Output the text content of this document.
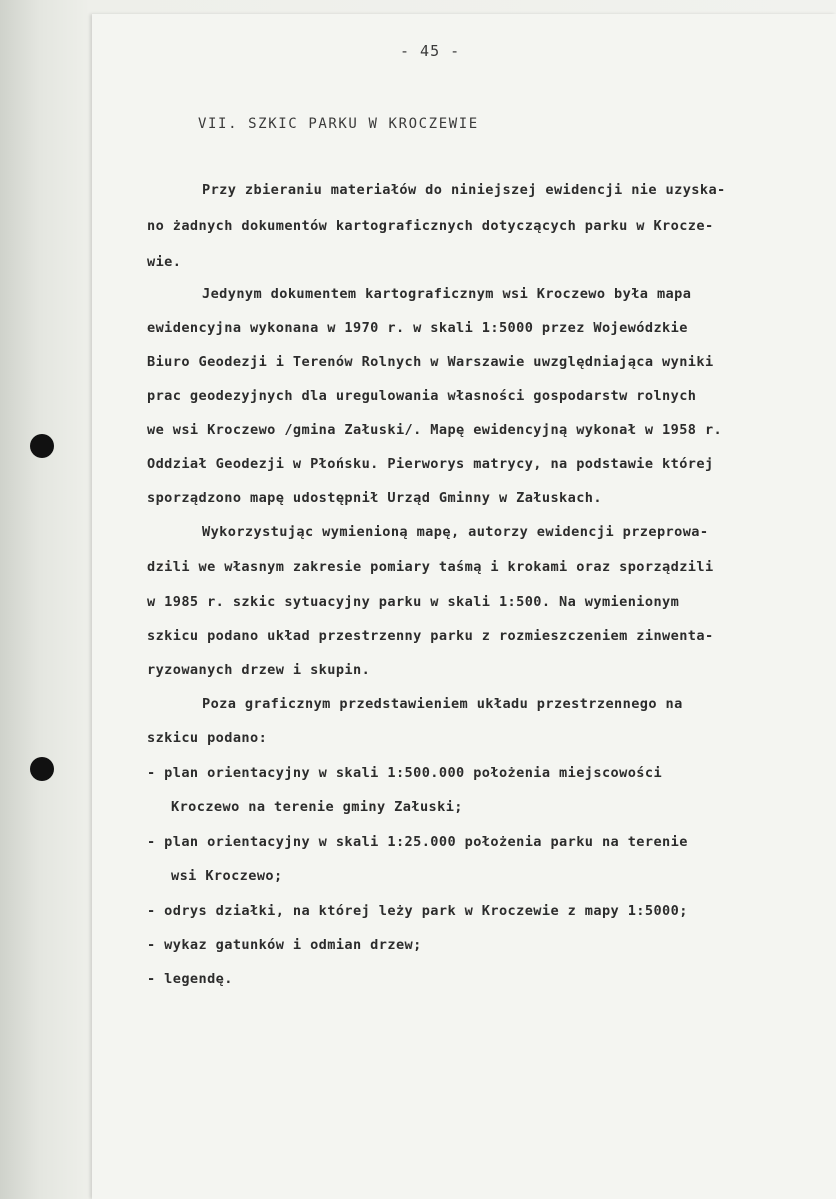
- 45 -
VII. SZKIC PARKU W KROCZEWIE
Przy zbieraniu materiałów do niniejszej ewidencji nie uzyska-
no żadnych dokumentów kartograficznych dotyczących parku w Krocze-
wie.
Jedynym dokumentem kartograficznym wsi Kroczewo była mapa
ewidencyjna wykonana w 1970 r. w skali 1:5000 przez Wojewódzkie
Biuro Geodezji i Terenów Rolnych w Warszawie uwzględniająca wyniki
prac geodezyjnych dla uregulowania własności gospodarstw rolnych
we wsi Kroczewo /gmina Załuski/. Mapę ewidencyjną wykonał w 1958 r.
Oddział Geodezji w Płońsku. Pierworys matrycy, na podstawie której
sporządzono mapę udostępnił Urząd Gminny w Załuskach.
Wykorzystując wymienioną mapę, autorzy ewidencji przeprowa-
dzili we własnym zakresie pomiary taśmą i krokami oraz sporządzili
w 1985 r. szkic sytuacyjny parku w skali 1:500. Na wymienionym
szkicu podano układ przestrzenny parku z rozmieszczeniem zinwenta-
ryzowanych drzew i skupin.
Poza graficznym przedstawieniem układu przestrzennego na
szkicu podano:
- plan orientacyjny w skali 1:500.000 położenia miejscowości
Kroczewo na terenie gminy Załuski;
- plan orientacyjny w skali 1:25.000 położenia parku na terenie
wsi Kroczewo;
- odrys działki, na której leży park w Kroczewie z mapy 1:5000;
- wykaz gatunków i odmian drzew;
- legendę.
